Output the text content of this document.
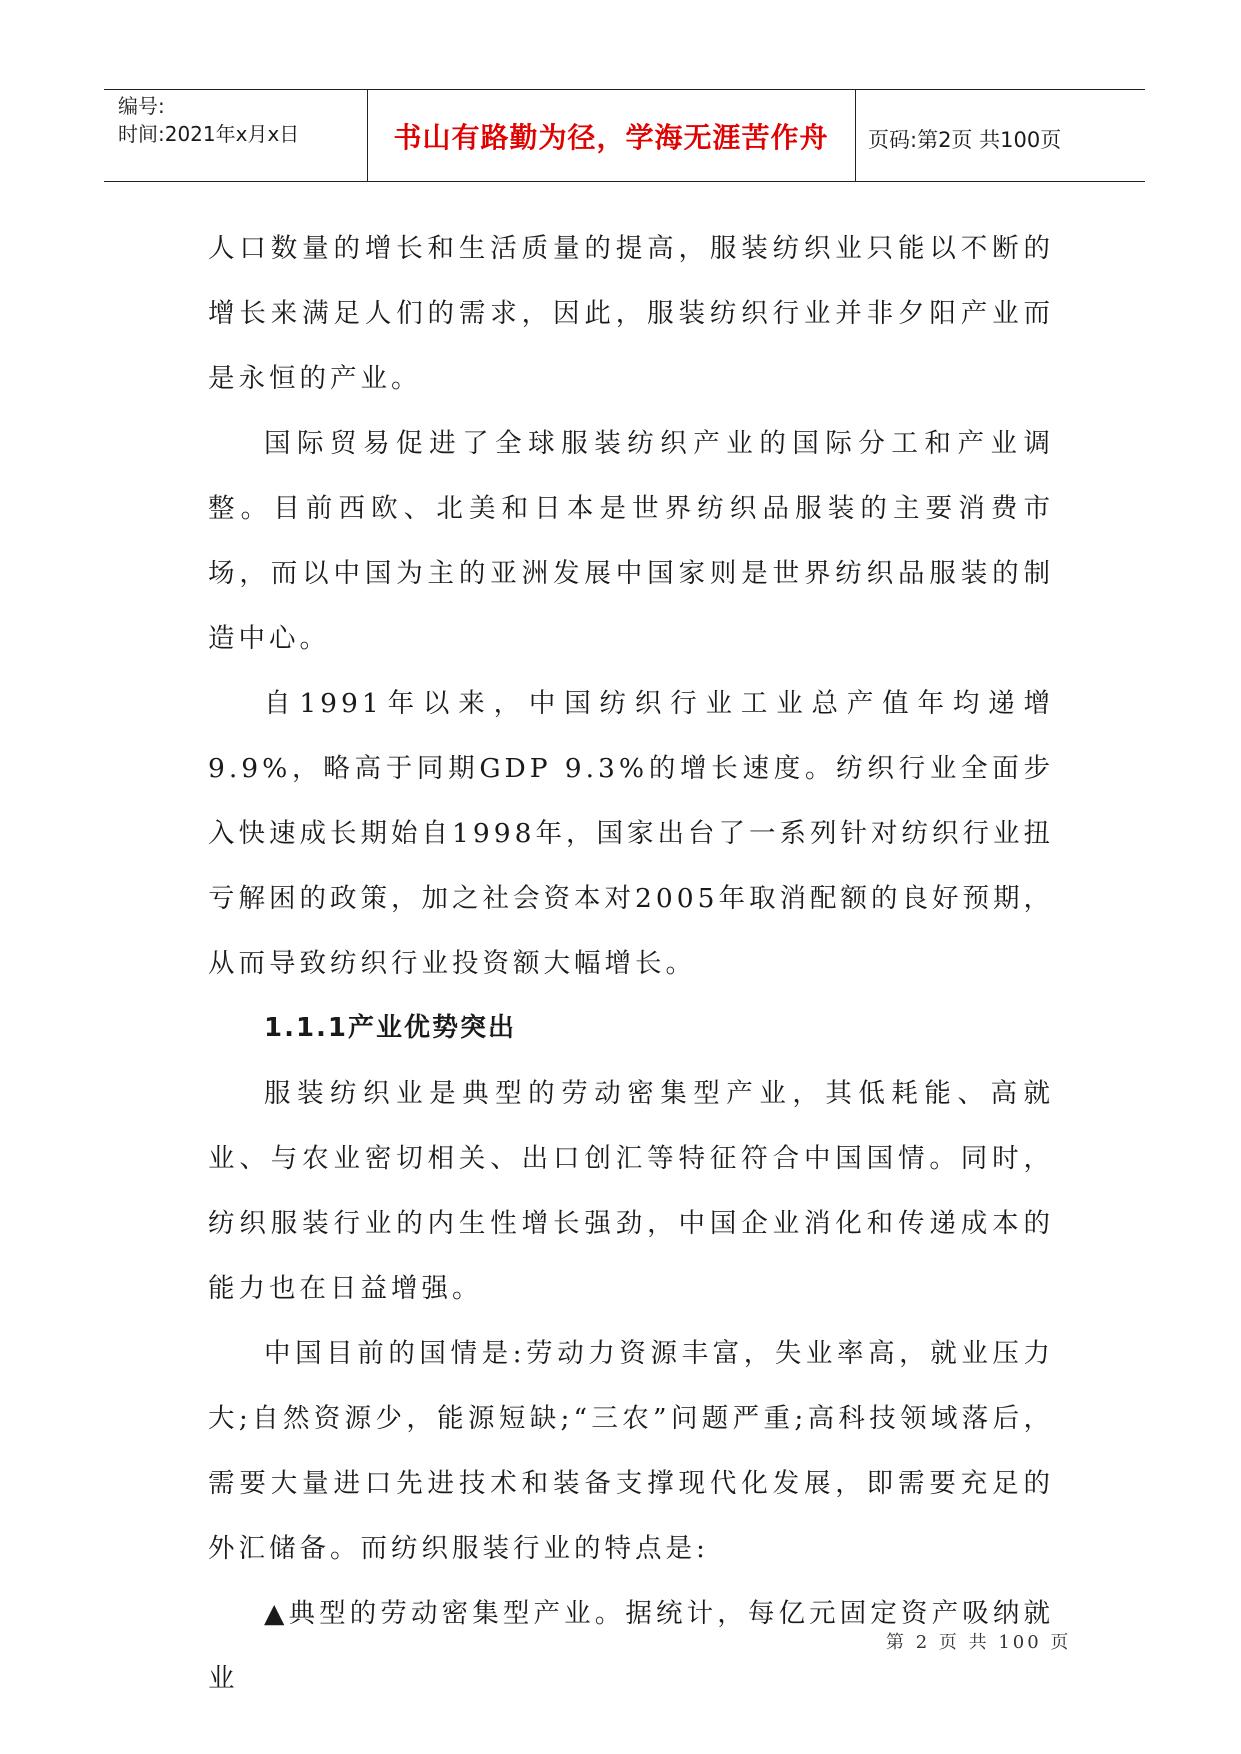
编号:
时间:2021年x月x日	书山有路勤为径，学海无涯苦作舟	页码:第2页 共100页

人口数量的增长和生活质量的提高，服装纺织业只能以不断的增长来满足人们的需求，因此，服装纺织行业并非夕阳产业而是永恒的产业。

国际贸易促进了全球服装纺织产业的国际分工和产业调整。目前西欧、北美和日本是世界纺织品服装的主要消费市场，而以中国为主的亚洲发展中国家则是世界纺织品服装的制造中心。

自1991年以来，中国纺织行业工业总产值年均递增9.9%，略高于同期GDP 9.3%的增长速度。纺织行业全面步入快速成长期始自1998年，国家出台了一系列针对纺织行业扭亏解困的政策，加之社会资本对2005年取消配额的良好预期，从而导致纺织行业投资额大幅增长。

1.1.1产业优势突出

服装纺织业是典型的劳动密集型产业，其低耗能、高就业、与农业密切相关、出口创汇等特征符合中国国情。同时，纺织服装行业的内生性增长强劲，中国企业消化和传递成本的能力也在日益增强。

中国目前的国情是:劳动力资源丰富，失业率高，就业压力大;自然资源少，能源短缺;“三农”问题严重;高科技领域落后，需要大量进口先进技术和装备支撑现代化发展，即需要充足的外汇储备。而纺织服装行业的特点是:

▲典型的劳动密集型产业。据统计，每亿元固定资产吸纳就业

第 2 页 共 100 页
